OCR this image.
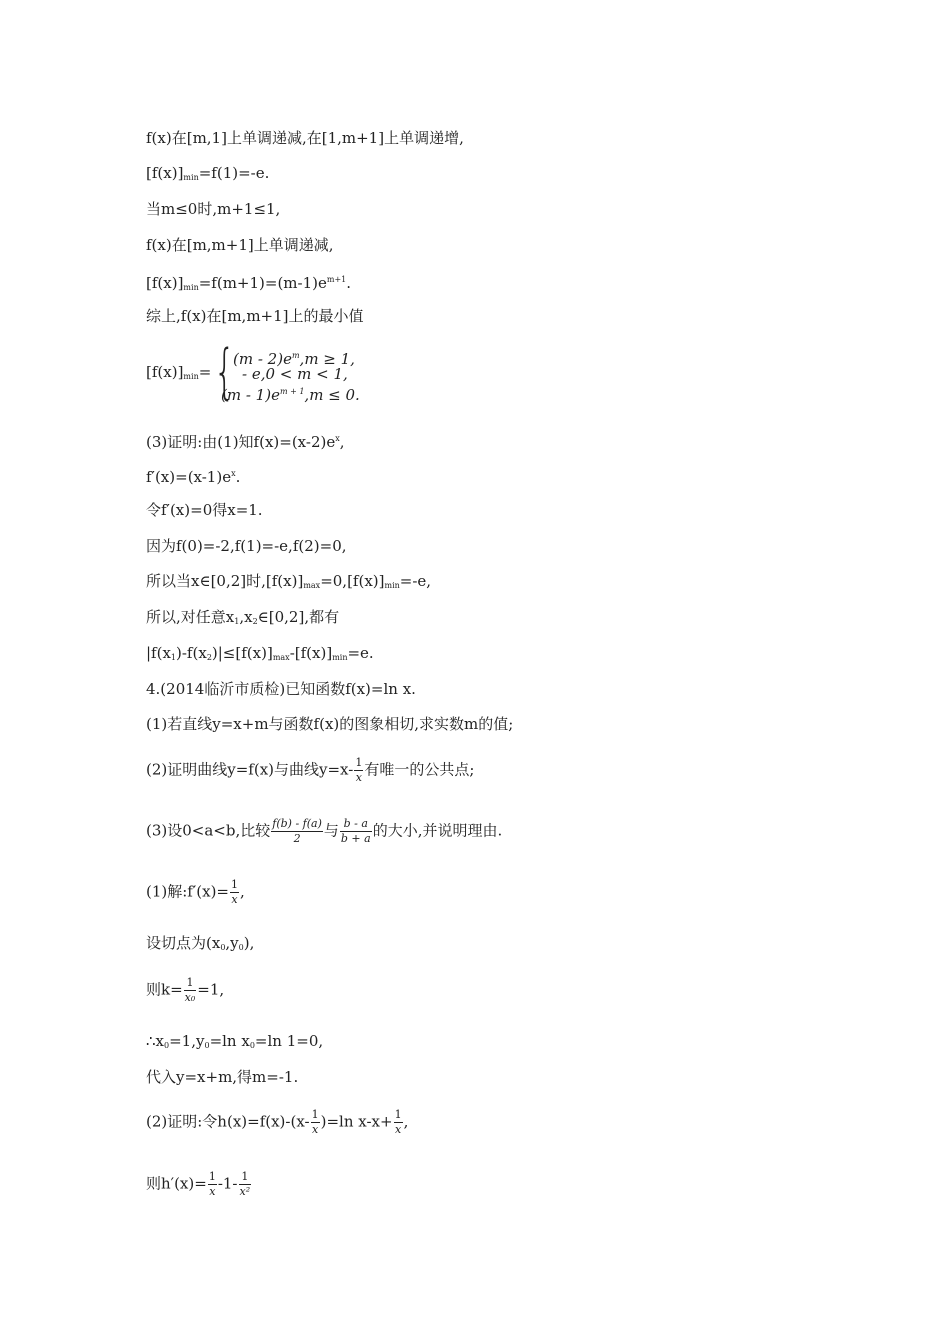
f(x)在[m,1]上单调递减,在[1,m+1]上单调递增,
$[f(x)]_{min}=f(1)=-e$.
当m≤0时,m+1≤1,
f(x)在[m,m+1]上单调递减,
$[f(x)]_{min}=f(m+1)=(m-1)e^{m+1}$.
综上,f(x)在[m,m+1]上的最小值
$[f(x)]_{min}=$ {
$(m - 2)e^m,m \ge 1$,
- e,0 < m < 1,
$(m - 1)e^{m + 1},m \le 0$.
(3)证明:由(1)知$f(x)=(x-2)e^x$,
$f'(x)=(x-1)e^x$.
令f′(x)=0得x=1.
因为f(0)=-2,f(1)=-e,f(2)=0,
所以当x∈[0,2]时$,[f(x)]_{max}=0,[f(x)]_{min}=-e$,
所以,对任意$x_1,x_2\in[0,2]$,都有
$|f(x_1)-f(x_2)|\le[f(x)]_{max}-[f(x)]_{min}=e$.
4.(2014临沂市质检)已知函数f(x)=ln x.
(1)若直线y=x+m与函数f(x)的图象相切,求实数m的值;
(2)证明曲线y=f(x)与曲线$y=x- \frac{1}{x}$ 有唯一的公共点;
(3)设0<a<b,比较 $\frac{f(b) - f(a)}{2}$ 与 $\frac{b - a}{b + a}$ 的大小,并说明理由.
(1)解:f′(x)= $\frac{1}{x}$ ,
设切点为$(x_0,y_0)$,
则$k= \frac{1}{\text{x₀}} =1$,
$\therefore x_0=1,y_0=\ln$ $x_0=\ln$ 1=0,
代入y=x+m,得m=-1.
(2)证明:令$h(x)=f(x)-(x- \frac{1}{x} )=\ln$ $x-x+ \frac{1}{x}$ ,
则$h'(x)= \frac{1}{x} -1- \frac{1}{\text{x²}}$
